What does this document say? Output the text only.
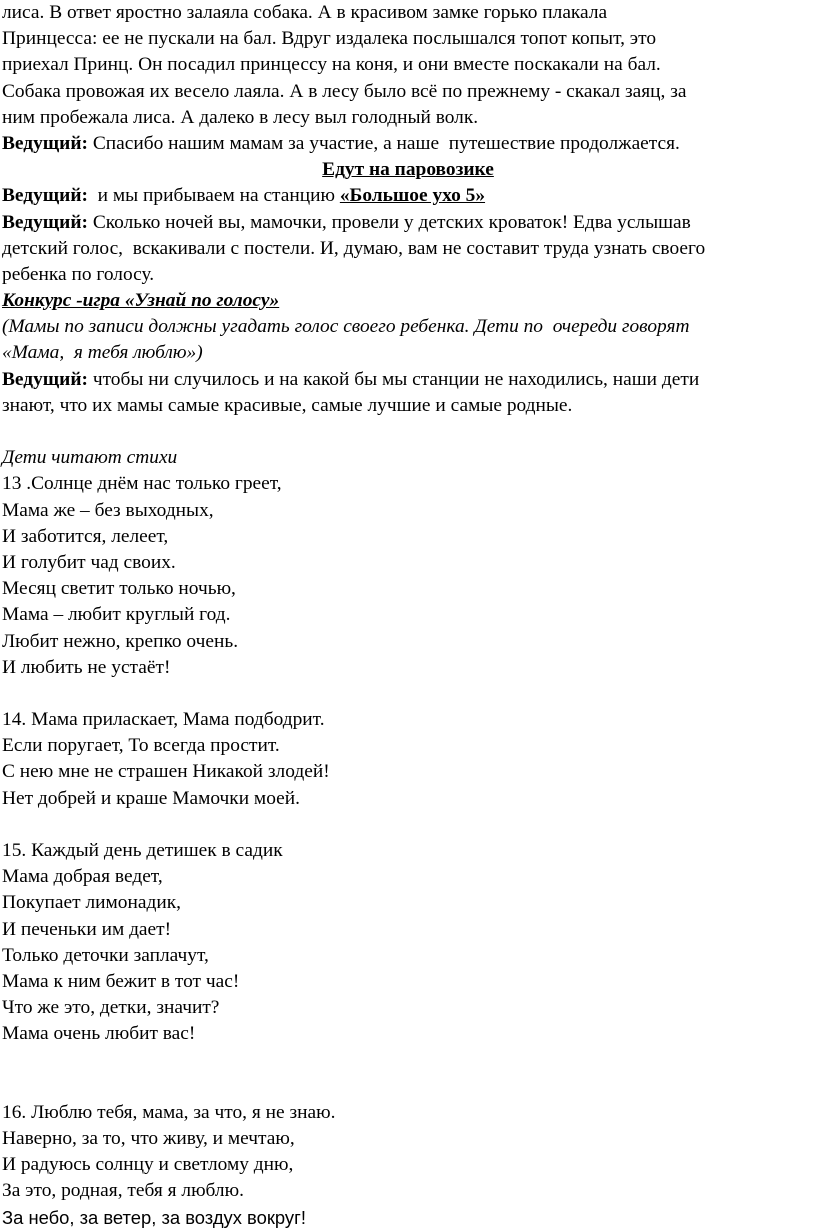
лиса. В ответ яростно залаяла собака. А в красивом замке горько плакала
Принцесса: ее не пускали на бал. Вдруг издалека послышался топот копыт, это
приехал Принц. Он посадил принцессу на коня, и они вместе поскакали на бал.
Собака провожая их весело лаяла. А в лесу было всё по прежнему - скакал заяц, за
ним пробежала лиса. А далеко в лесу выл голодный волк.
Ведущий: Спасибо нашим мамам за участие, а наше  путешествие продолжается.
Едут на паровозике
Ведущий:  и мы прибываем на станцию «Большое ухо 5»
Ведущий: Сколько ночей вы, мамочки, провели у детских кроваток! Едва услышав
детский голос,  вскакивали с постели. И, думаю, вам не составит труда узнать своего
ребенка по голосу.
Конкурс -игра «Узнай по голосу»
(Мамы по записи должны угадать голос своего ребенка. Дети по  очереди говорят
«Мама,  я тебя люблю»)
Ведущий: чтобы ни случилось и на какой бы мы станции не находились, наши дети
знают, что их мамы самые красивые, самые лучшие и самые родные.
Дети читают стихи
13 .Солнце днём нас только греет,
Мама же – без выходных,
И заботится, лелеет,
И голубит чад своих.
Месяц светит только ночью,
Мама – любит круглый год.
Любит нежно, крепко очень.
И любить не устаёт!
14. Мама приласкает, Мама подбодрит.
Если поругает, То всегда простит.
С нею мне не страшен Никакой злодей!
Нет добрей и краше Мамочки моей.
15. Каждый день детишек в садик
Мама добрая ведет,
Покупает лимонадик,
И печеньки им дает!
Только деточки заплачут,
Мама к ним бежит в тот час!
Что же это, детки, значит?
Мама очень любит вас!
16. Люблю тебя, мама, за что, я не знаю.
Наверно, за то, что живу, и мечтаю,
И радуюсь солнцу и светлому дню,
За это, родная, тебя я люблю.
За небо, за ветер, за воздух вокруг!
